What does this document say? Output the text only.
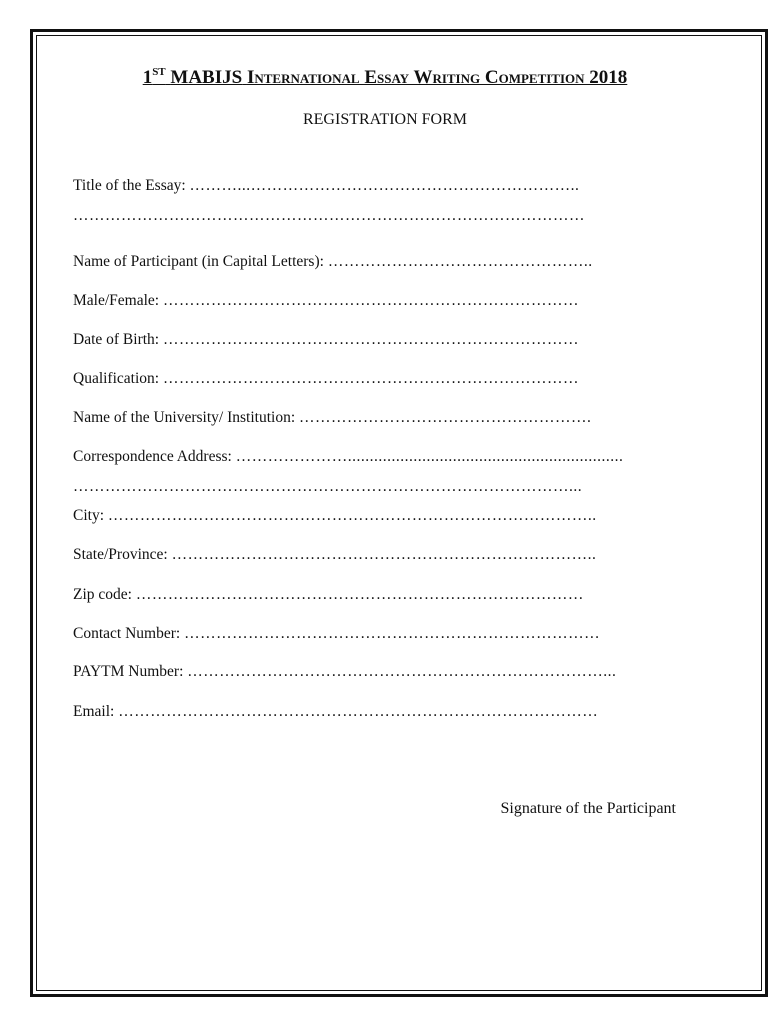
1ST MABIJS International Essay Writing Competition 2018
REGISTRATION FORM
Title of the Essay: ………...……………………………………………………..
……………………………………………………………………………………
Name of Participant (in Capital Letters): …………………………………………..
Male/Female: ……………………………………………………………………
Date of Birth: ……………………………………………………………………
Qualification: ……………………………………………………………………
Name of the University/ Institution: ……………………………………………….
Correspondence Address: …………………...............................................................
…………………………………………………………………………………...
City: ………………………………………………………………………………..
State/Province: ……………………………………………………………………..
Zip code: …………………………………………………………………………
Contact Number: ……………………………………………………………………
PAYTM Number: ……………………………………………………………………...
Email: ………………………………………………………………………………
Signature of the Participant
